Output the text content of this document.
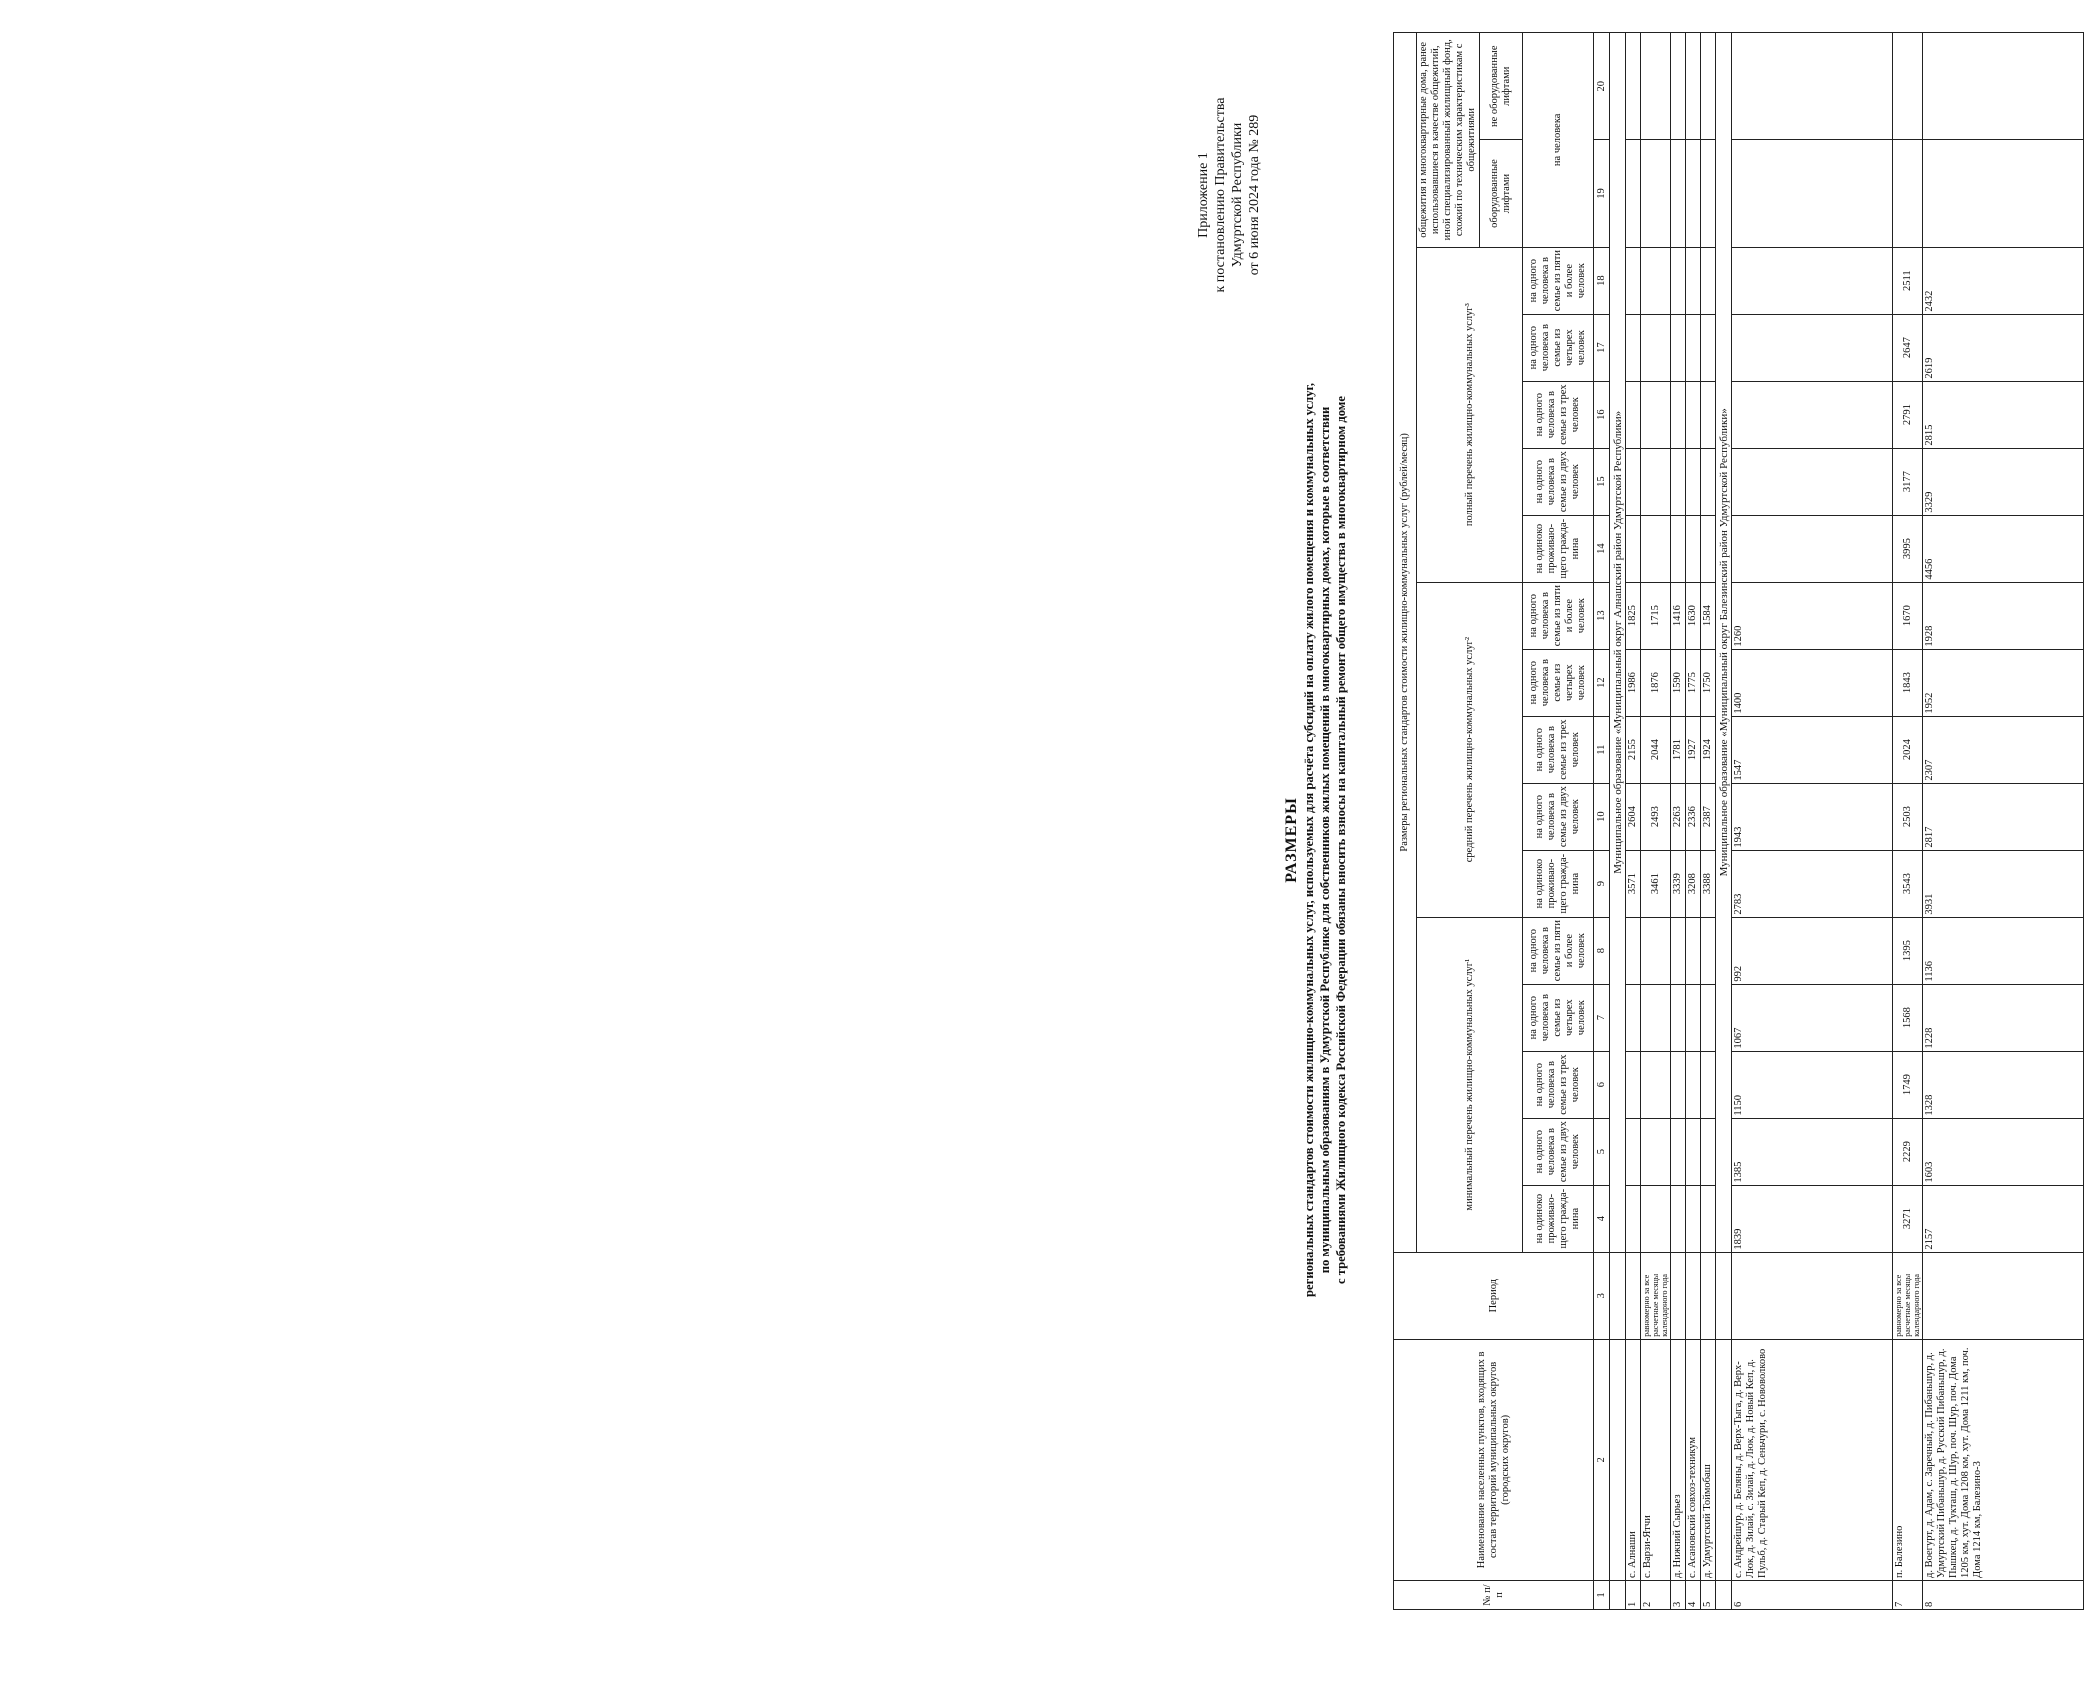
Приложение 1 к постановлению Правительства Удмуртской Республики от 6 июня 2024 года № 289
РАЗМЕРЫ региональных стандартов стоимости жилищно-коммунальных услуг, используемых для расчёта субсидий на оплату жилого помещения и коммунальных услуг, по муниципальным образованиям в Удмуртской Республике для собственников жилых помещений в многоквартирных домах, которые в соответствии с требованиями Жилищного кодекса Российской Федерации обязаны вносить взносы на капитальный ремонт общего имущества в многоквартирном доме
№ п/п	Наименование населенных пунктов, входящих в состав территорий муниципальных округов (городских округов)	Период	Размеры региональных стандартов стоимости жилищно-коммунальных услуг (рублей/месяц)																
			минимальный перечень жилищно-коммунальных услуг¹					средний перечень жилищно-коммунальных услуг²					полный перечень жилищно-коммунальных услуг³					общежития и многоквартирные дома, ранее использовавшиеся в качестве общежитий, иной специализированный жилищный фонд, схожий по техническим характеристикам с общежитиями	
																		оборудованные лифтами	не оборудованные лифтами
			на одиноко проживаю-щего гражда-нина	на одного человека в семье из двух человек	на одного человека в семье из трех человек	на одного человека в семье из четырех человек	на одного человека в семье из пяти и более человек	на одиноко проживаю-щего гражда-нина	на одного человека в семье из двух человек	на одного человека в семье из трех человек	на одного человека в семье из четырех человек	на одного человека в семье из пяти и более человек	на одиноко проживаю-щего гражда-нина	на одного человека в семье из двух человек	на одного человека в семье из трех человек	на одного человека в семье из четырех человек	на одного человека в семье из пяти и более человек	на человека	
1	2	3	4	5	6	7	8	9	10	11	12	13	14	15	16	17	18	19	20
			Муниципальное образование «Муниципальный округ Алнашский район Удмуртской Республики»																
1	с. Алнаши							3571	2604	2155	1986	1825							
2	с. Варзи-Ятчи	равномерно за все расчетные месяцы календарного года						3461	2493	2044	1876	1715							
3	д. Нижний Сырьез							3339	2263	1781	1590	1416							
4	с. Асановский совхоз-техникум							3208	2336	1927	1775	1630							
5	д. Удмуртский Тоймобаш							3388	2387	1924	1750	1584							
			Муниципальное образование «Муниципальный округ Балезинский район Удмуртской Республики»																
6	с. Андрейшур, д. Беляны, д. Верх-Тыга, д. Верх-Люк, д. Зилай, с. Зилай, д. Люк, д. Новый Кеп, д. Пульб, д. Старый Кеп, д. Сеньчури, с. Нововолково		1839	1385	1150	1067	992	2783	1943	1547	1400	1260							
7	п. Балезино	равномерно за все расчетные месяцы календарного года	3271	2229	1749	1568	1395	3543	2503	2024	1843	1670	3995	3177	2791	2647	2511		
8	д. Воегурт, д. Адам, с. Заречный, д. Пибаньшур, д. Удмуртский Пибаньшур, д. Русский Пибаньшур, д. Пышкец, д. Тукташ, д. Шур, поч. Шур, поч. Дома 1205 км, хут. Дома 1208 км, хут. Дома 1211 км, поч. Дома 1214 км, Балезино-3		2157	1603	1328	1228	1136	3931	2817	2307	1952	1928	4456	3329	2815	2619	2432		
